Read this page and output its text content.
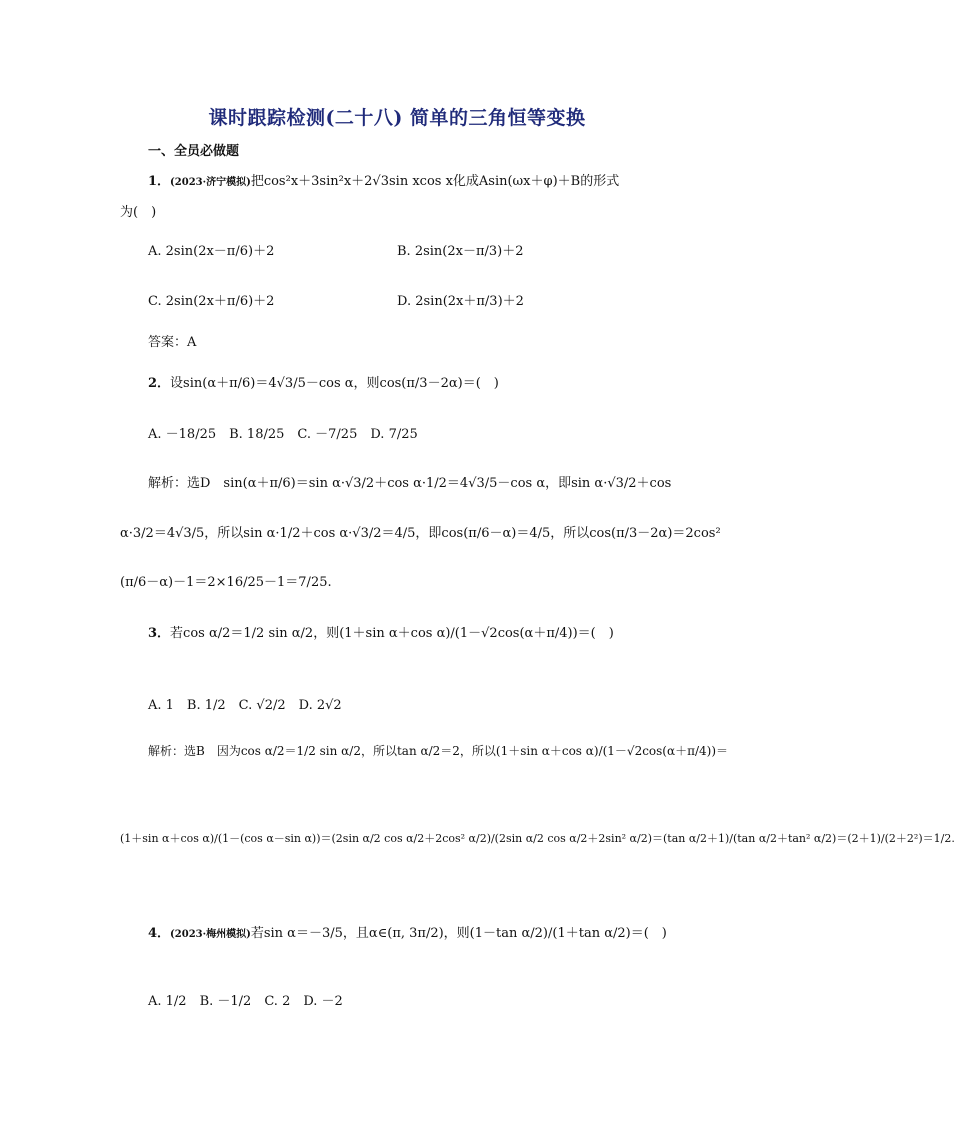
课时跟踪检测(二十八) 简单的三角恒等变换
一、全员必做题
1．(2023·济宁模拟)把cos²x＋3sin²x＋2√3sin xcos x化成Asin(ωx＋φ)＋B的形式
为(　)
A. 2sin(2x－π/6)＋2	B. 2sin(2x－π/3)＋2
C. 2sin(2x＋π/6)＋2	D. 2sin(2x＋π/3)＋2
答案：A
2．设sin(α＋π/6)＝4√3/5－cos α，则cos(π/3－2α)＝(　)
A. －18/25　B. 18/25　C. －7/25　D. 7/25
解析：选D　sin(α＋π/6)＝sin α·√3/2＋cos α·1/2＝4√3/5－cos α，即sin α·√3/2＋cos
α·3/2＝4√3/5，所以sin α·1/2＋cos α·√3/2＝4/5，即cos(π/6－α)＝4/5，所以cos(π/3－2α)＝2cos²
(π/6－α)－1＝2×16/25－1＝7/25.
3．若cos α/2＝1/2 sin α/2，则(1＋sin α＋cos α)/(1－√2cos(α＋π/4))＝(　)
A. 1　B. 1/2　C. √2/2　D. 2√2
解析：选B　因为cos α/2＝1/2 sin α/2，所以tan α/2＝2，所以(1＋sin α＋cos α)/(1－√2cos(α＋π/4))＝
(1＋sin α＋cos α)/(1－(cos α－sin α))＝(2sin α/2 cos α/2＋2cos² α/2)/(2sin α/2 cos α/2＋2sin² α/2)＝(tan α/2＋1)/(tan α/2＋tan² α/2)＝(2＋1)/(2＋2²)＝1/2.
4．(2023·梅州模拟)若sin α＝－3/5，且α∈(π, 3π/2)，则(1－tan α/2)/(1＋tan α/2)＝(　)
A. 1/2　B. －1/2　C. 2　D. －2
